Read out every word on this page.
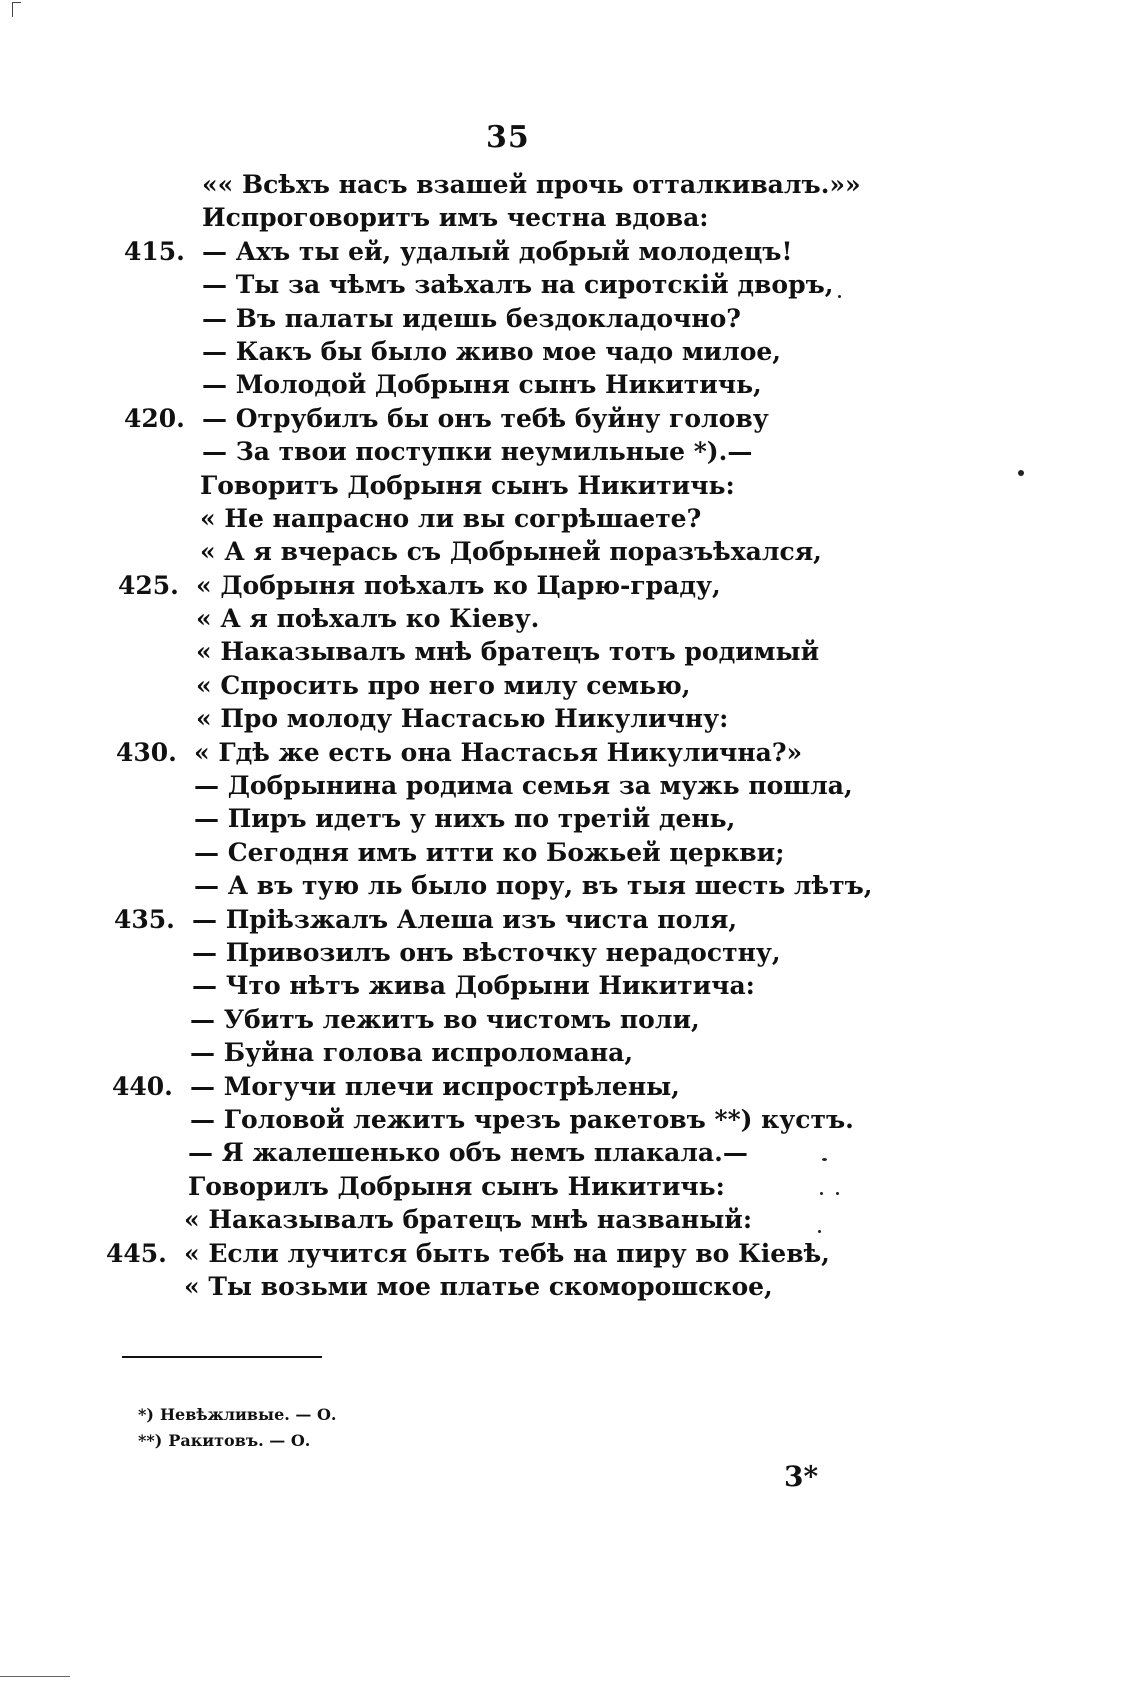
35
«« Всѣхъ насъ взашей прочь отталкивалъ.»»
Испроговоритъ имъ честна вдова:
415. — Ахъ ты ей, удалый добрый молодецъ!
— Ты за чѣмъ заѣхалъ на сиротскій дворъ,
— Въ палаты идешь бездокладочно?
— Какъ бы было живо мое чадо милое,
— Молодой Добрыня сынъ Никитичь,
420. — Отрубилъ бы онъ тебѣ буйну голову
— За твои поступки неумильные *).—
Говоритъ Добрыня сынъ Никитичь:
« Не напрасно ли вы согрѣшаете?
« А я вчерась съ Добрыней поразъѣхался,
425. « Добрыня поѣхалъ ко Царю-граду,
« А я поѣхалъ ко Кіеву.
« Наказывалъ мнѣ братецъ тотъ родимый
« Спросить про него милу семью,
« Про молоду Настасью Никуличну:
430. « Гдѣ же есть она Настасья Никулична?»
— Добрынина родима семья за мужь пошла,
— Пиръ идетъ у нихъ по третій день,
— Сегодня имъ итти ко Божьей церкви;
— А въ тую ль было пору, въ тыя шесть лѣтъ,
435. — Пріѣзжалъ Алеша изъ чиста поля,
— Привозилъ онъ вѣсточку нерадостну,
— Что нѣтъ жива Добрыни Никитича:
— Убитъ лежитъ во чистомъ поли,
— Буйна голова испроломана,
440. — Могучи плечи испрострѣлены,
— Головой лежитъ чрезъ ракетовъ **) кустъ.
— Я жалешенько объ немъ плакала.—
Говорилъ Добрыня сынъ Никитичь:
« Наказывалъ братецъ мнѣ названый:
445. « Если лучится быть тебѣ на пиру во Кіевѣ,
« Ты возьми мое платье скоморошское,
*) Невѣжливые. — О.
**) Ракитовъ. — О.
3*
